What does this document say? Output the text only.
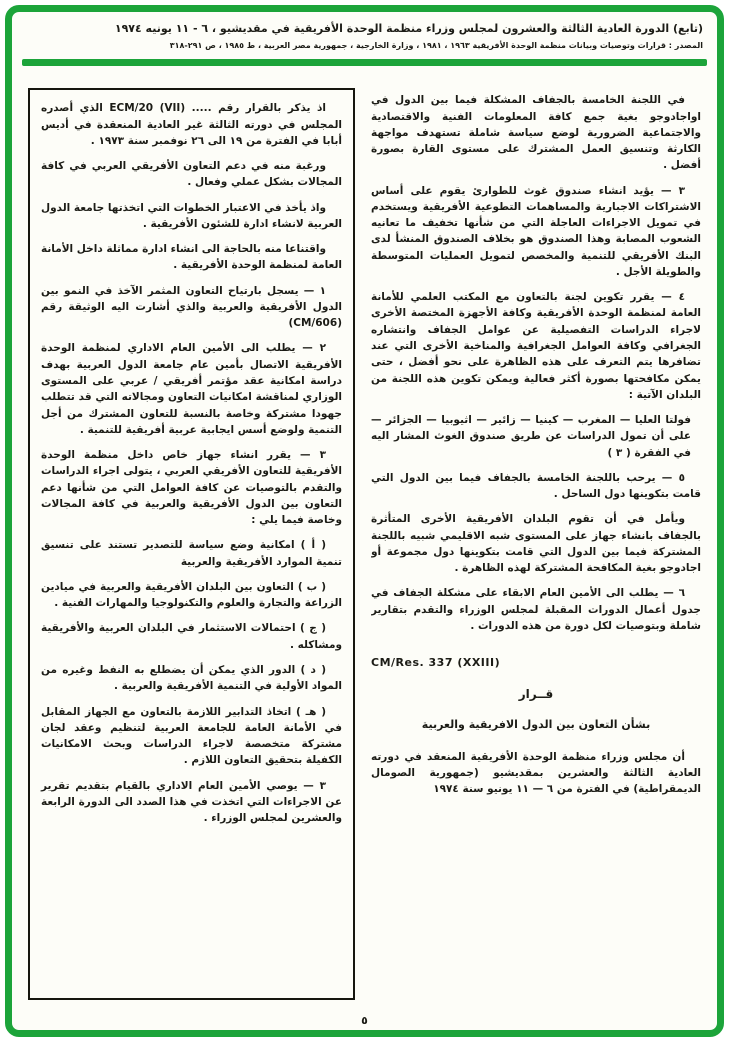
(تابع) الدورة العادية الثالثة والعشرون لمجلس وزراء منظمة الوحدة الأفريقية في مقديشيو ، ٦ - ١١ يونيه ١٩٧٤
المصدر : قرارات وتوصيات وبيانات منظمة الوحدة الأفريقية ١٩٦٣ ، ١٩٨١ ، وزارة الخارجية ، جمهورية مصر العربية ، ط ١٩٨٥ ، ص ٢٩١-٣١٨

في اللجنة الخامسة بالجفاف المشكلة فيما بين الدول في اواجادوجو بغية جمع كافة المعلومات الفنية والاقتصادية والاجتماعية الضرورية لوضع سياسة شاملة تستهدف مواجهة الكارثة وتنسيق العمل المشترك على مستوى القارة بصورة أفضل .

٣ — يؤيد انشاء صندوق غوث للطوارئ يقوم على أساس الاشتراكات الاجبارية والمساهمات التطوعية الأفريقية ويستخدم في تمويل الاجراءات العاجلة التي من شأنها تخفيف ما تعانيه الشعوب المصابة وهذا الصندوق هو بخلاف الصندوق المنشأ لدى البنك الأفريقي للتنمية والمخصص لتمويل العمليات المتوسطة والطويلة الأجل .

٤ — يقرر تكوين لجنة بالتعاون مع المكتب العلمي للأمانة العامة لمنظمة الوحدة الأفريقية وكافة الأجهزة المختصة الأخرى لاجراء الدراسات التفصيلية عن عوامل الجفاف وانتشاره الجغرافي وكافة العوامل الجغرافية والمناخية الأخرى التي عند تضافرها يتم التعرف على هذه الظاهرة على نحو أفضل ، حتى يمكن مكافحتها بصورة أكثر فعالية ويمكن تكوين هذه اللجنة من البلدان الآتية :

فولتا العليا — المغرب — كينيا — زائير — اثيوبيا — الجزائر — على أن تمول الدراسات عن طريق صندوق الغوث المشار اليه في الفقرة ( ٣ )

٥ — يرحب باللجنة الخامسة بالجفاف فيما بين الدول التي قامت بتكوينها دول الساحل .

ويأمل في أن تقوم البلدان الأفريقية الأخرى المتأثرة بالجفاف بانشاء جهاز على المستوى شبه الاقليمي شبيه باللجنة المشتركة فيما بين الدول التي قامت بتكوينها دول مجموعة أو اجادوجو بغية المكافحة المشتركة لهذه الظاهرة .

٦ — يطلب الى الأمين العام الابقاء على مشكلة الجفاف في جدول أعمال الدورات المقبلة لمجلس الوزراء والتقدم بتقارير شاملة وبتوصيات لكل دورة من هذه الدورات .

CM/Res. 337 (XXIII)

قــرار

بشأن التعاون بين الدول الافريقية والعربية

أن مجلس وزراء منظمة الوحدة الأفريقية المنعقد في دورته العادية الثالثة والعشرين بمقديشيو (جمهورية الصومال الديمقراطية) في الفترة من ٦ — ١١ يونيو سنة ١٩٧٤

اذ يذكر بالقرار رقم ..... (ECM/20 (VII الذي أصدره المجلس في دورته الثالثة غير العادية المنعقدة في أديس أبابا في الفترة من ١٩ الى ٢٦ نوفمبر سنة ١٩٧٣ .

ورغبة منه في دعم التعاون الأفريقي العربي في كافة المجالات بشكل عملي وفعال .

واذ يأخذ في الاعتبار الخطوات التي اتخذتها جامعة الدول العربية لانشاء ادارة للشئون الأفريقية .

واقتناعا منه بالحاجة الى انشاء ادارة مماثلة داخل الأمانة العامة لمنظمة الوحدة الأفريقية .

١ — يسجل بارتياح التعاون المثمر الآخذ في النمو بين الدول الأفريقية والعربية والذي أشارت اليه الوثيقة رقم (CM/606)

٢ — يطلب الى الأمين العام الاداري لمنظمة الوحدة الأفريقية الاتصال بأمين عام جامعة الدول العربية بهدف دراسة امكانية عقد مؤتمر أفريقي / عربي على المستوى الوزاري لمناقشة امكانيات التعاون ومجالاته التي قد تتطلب جهودا مشتركة وخاصة بالنسبة للتعاون المشترك من أجل التنمية ولوضع أسس ايجابية عربية أفريقية للتنمية .

٣ — يقرر انشاء جهاز خاص داخل منظمة الوحدة الأفريقية للتعاون الأفريقي العربي ، يتولى اجراء الدراسات والتقدم بالتوصيات عن كافة العوامل التي من شأنها دعم التعاون بين الدول الأفريقية والعربية في كافة المجالات وخاصة فيما يلي :

( أ ) امكانية وضع سياسة للتصدير تستند على تنسيق تنمية الموارد الأفريقية والعربية

( ب ) التعاون بين البلدان الأفريقية والعربية في ميادين الزراعة والتجارة والعلوم والتكنولوجيا والمهارات الفنية .

( ج ) احتمالات الاستثمار في البلدان العربية والأفريقية ومشاكله .

( د ) الدور الذي يمكن أن يضطلع به النفط وغيره من المواد الأولية في التنمية الأفريقية والعربية .

( هـ ) اتخاذ التدابير اللازمة بالتعاون مع الجهاز المقابل في الأمانة العامة للجامعة العربية لتنظيم وعقد لجان مشتركة متخصصة لاجراء الدراسات وبحث الامكانيات الكفيلة بتحقيق التعاون اللازم .

٣ — يوصي الأمين العام الاداري بالقيام بتقديم تقرير عن الاجراءات التي اتخذت في هذا الصدد الى الدورة الرابعة والعشرين لمجلس الوزراء .

٥
